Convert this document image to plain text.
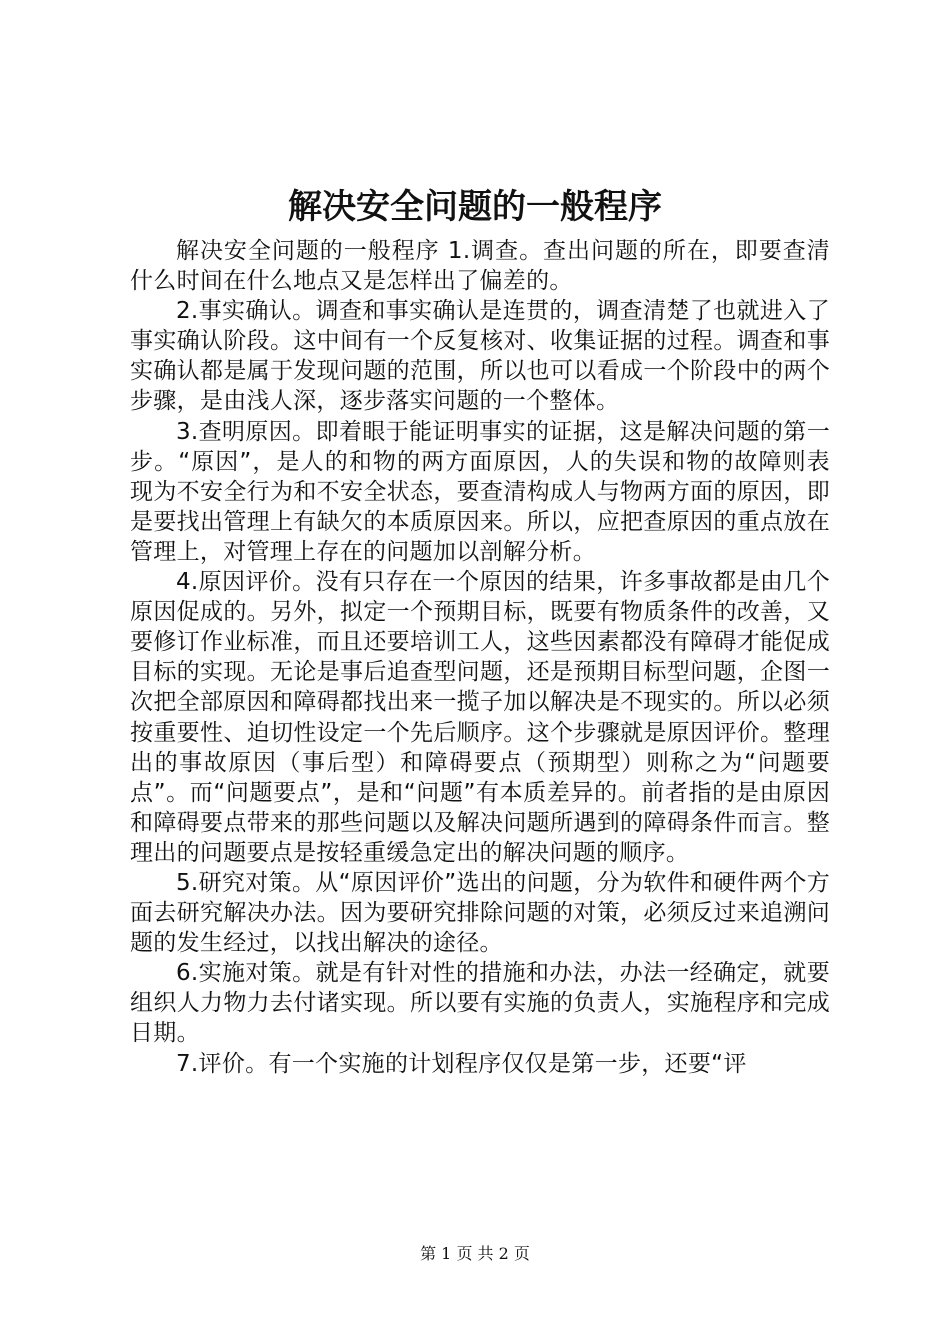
解决安全问题的一般程序

解决安全问题的一般程序 1.调查。查出问题的所在，即要查清什么时间在什么地点又是怎样出了偏差的。

2.事实确认。调查和事实确认是连贯的，调查清楚了也就进入了事实确认阶段。这中间有一个反复核对、收集证据的过程。调查和事实确认都是属于发现问题的范围，所以也可以看成一个阶段中的两个步骤，是由浅人深，逐步落实问题的一个整体。

3.查明原因。即着眼于能证明事实的证据，这是解决问题的第一步。“原因”，是人的和物的两方面原因，人的失误和物的故障则表现为不安全行为和不安全状态，要查清构成人与物两方面的原因，即是要找出管理上有缺欠的本质原因来。所以，应把查原因的重点放在管理上，对管理上存在的问题加以剖解分析。

4.原因评价。没有只存在一个原因的结果，许多事故都是由几个原因促成的。另外，拟定一个预期目标，既要有物质条件的改善，又要修订作业标准，而且还要培训工人，这些因素都没有障碍才能促成目标的实现。无论是事后追查型问题，还是预期目标型问题，企图一次把全部原因和障碍都找出来一揽子加以解决是不现实的。所以必须按重要性、迫切性设定一个先后顺序。这个步骤就是原因评价。整理出的事故原因（事后型）和障碍要点（预期型）则称之为“问题要点”。而“问题要点”，是和“问题”有本质差异的。前者指的是由原因和障碍要点带来的那些问题以及解决问题所遇到的障碍条件而言。整理出的问题要点是按轻重缓急定出的解决问题的顺序。

5.研究对策。从“原因评价”选出的问题，分为软件和硬件两个方面去研究解决办法。因为要研究排除问题的对策，必须反过来追溯问题的发生经过，以找出解决的途径。

6.实施对策。就是有针对性的措施和办法，办法一经确定，就要组织人力物力去付诸实现。所以要有实施的负责人，实施程序和完成日期。

7.评价。有一个实施的计划程序仅仅是第一步，还要“评

第 1 页 共 2 页
